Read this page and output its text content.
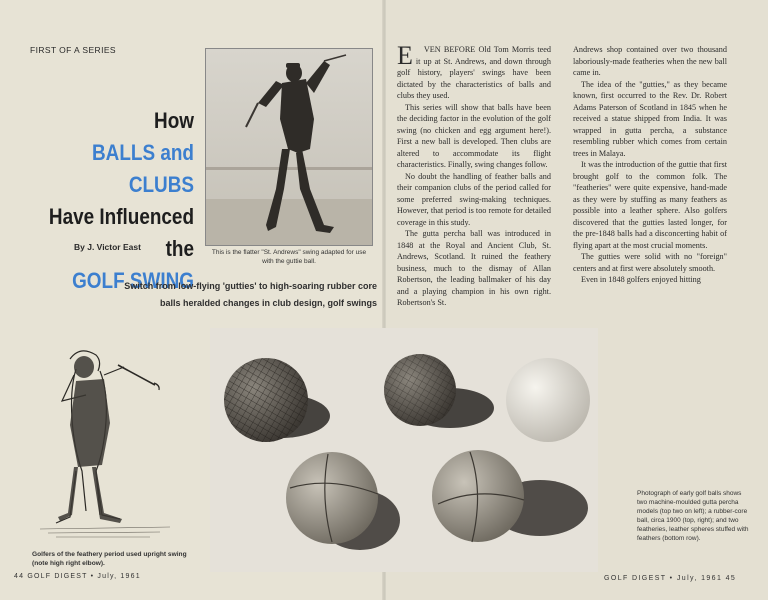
FIRST OF A SERIES
How
BALLS and CLUBS
Have Influenced the
GOLF SWING
By J. Victor East
This is the flatter "St. Andrews" swing adapted for use with the guttie ball.
Switch from low-flying 'gutties' to high-soaring rubber core balls heralded changes in club design, golf swings
Golfers of the feathery period used upright swing (note high right elbow).
44 GOLF DIGEST • July, 1961	GOLF DIGEST • July, 1961 45

E VEN BEFORE Old Tom Morris teed it up at St. Andrews, and down through golf history, players' swings have been dictated by the characteristics of balls and clubs they used.

This series will show that balls have been the deciding factor in the evolution of the golf swing (no chicken and egg argument here!). First a new ball is developed. Then clubs are altered to accommodate its flight characteristics. Finally, swing changes follow.

No doubt the handling of feather balls and their companion clubs of the period called for some preferred swing-making techniques. However, that period is too remote for detailed coverage in this study.

The gutta percha ball was introduced in 1848 at the Royal and Ancient Club, St. Andrews, Scotland. It ruined the feathery business, much to the dismay of Allan Robertson, the leading ballmaker of his day and a playing champion in his own right. Robertson's St.

Andrews shop contained over two thousand laboriously-made featheries when the new ball came in.

The idea of the "gutties," as they became known, first occurred to the Rev. Dr. Robert Adams Paterson of Scotland in 1845 when he received a statue shipped from India. It was wrapped in gutta percha, a substance resembling rubber which comes from certain trees in Malaya.

It was the introduction of the guttie that first brought golf to the common folk. The "featheries" were quite expensive, hand-made as they were by stuffing as many feathers as possible into a leather sphere. Also golfers discovered that the gutties lasted longer, for the pre-1848 balls had a disconcerting habit of flying apart at the most crucial moments.

The gutties were solid with no "foreign" centers and at first were absolutely smooth.

Even in 1848 golfers enjoyed hitting

Photograph of early golf balls shows two machine-moulded gutta percha models (top two on left); a rubber-core ball, circa 1900 (top, right); and two featheries, leather spheres stuffed with feathers (bottom row).
